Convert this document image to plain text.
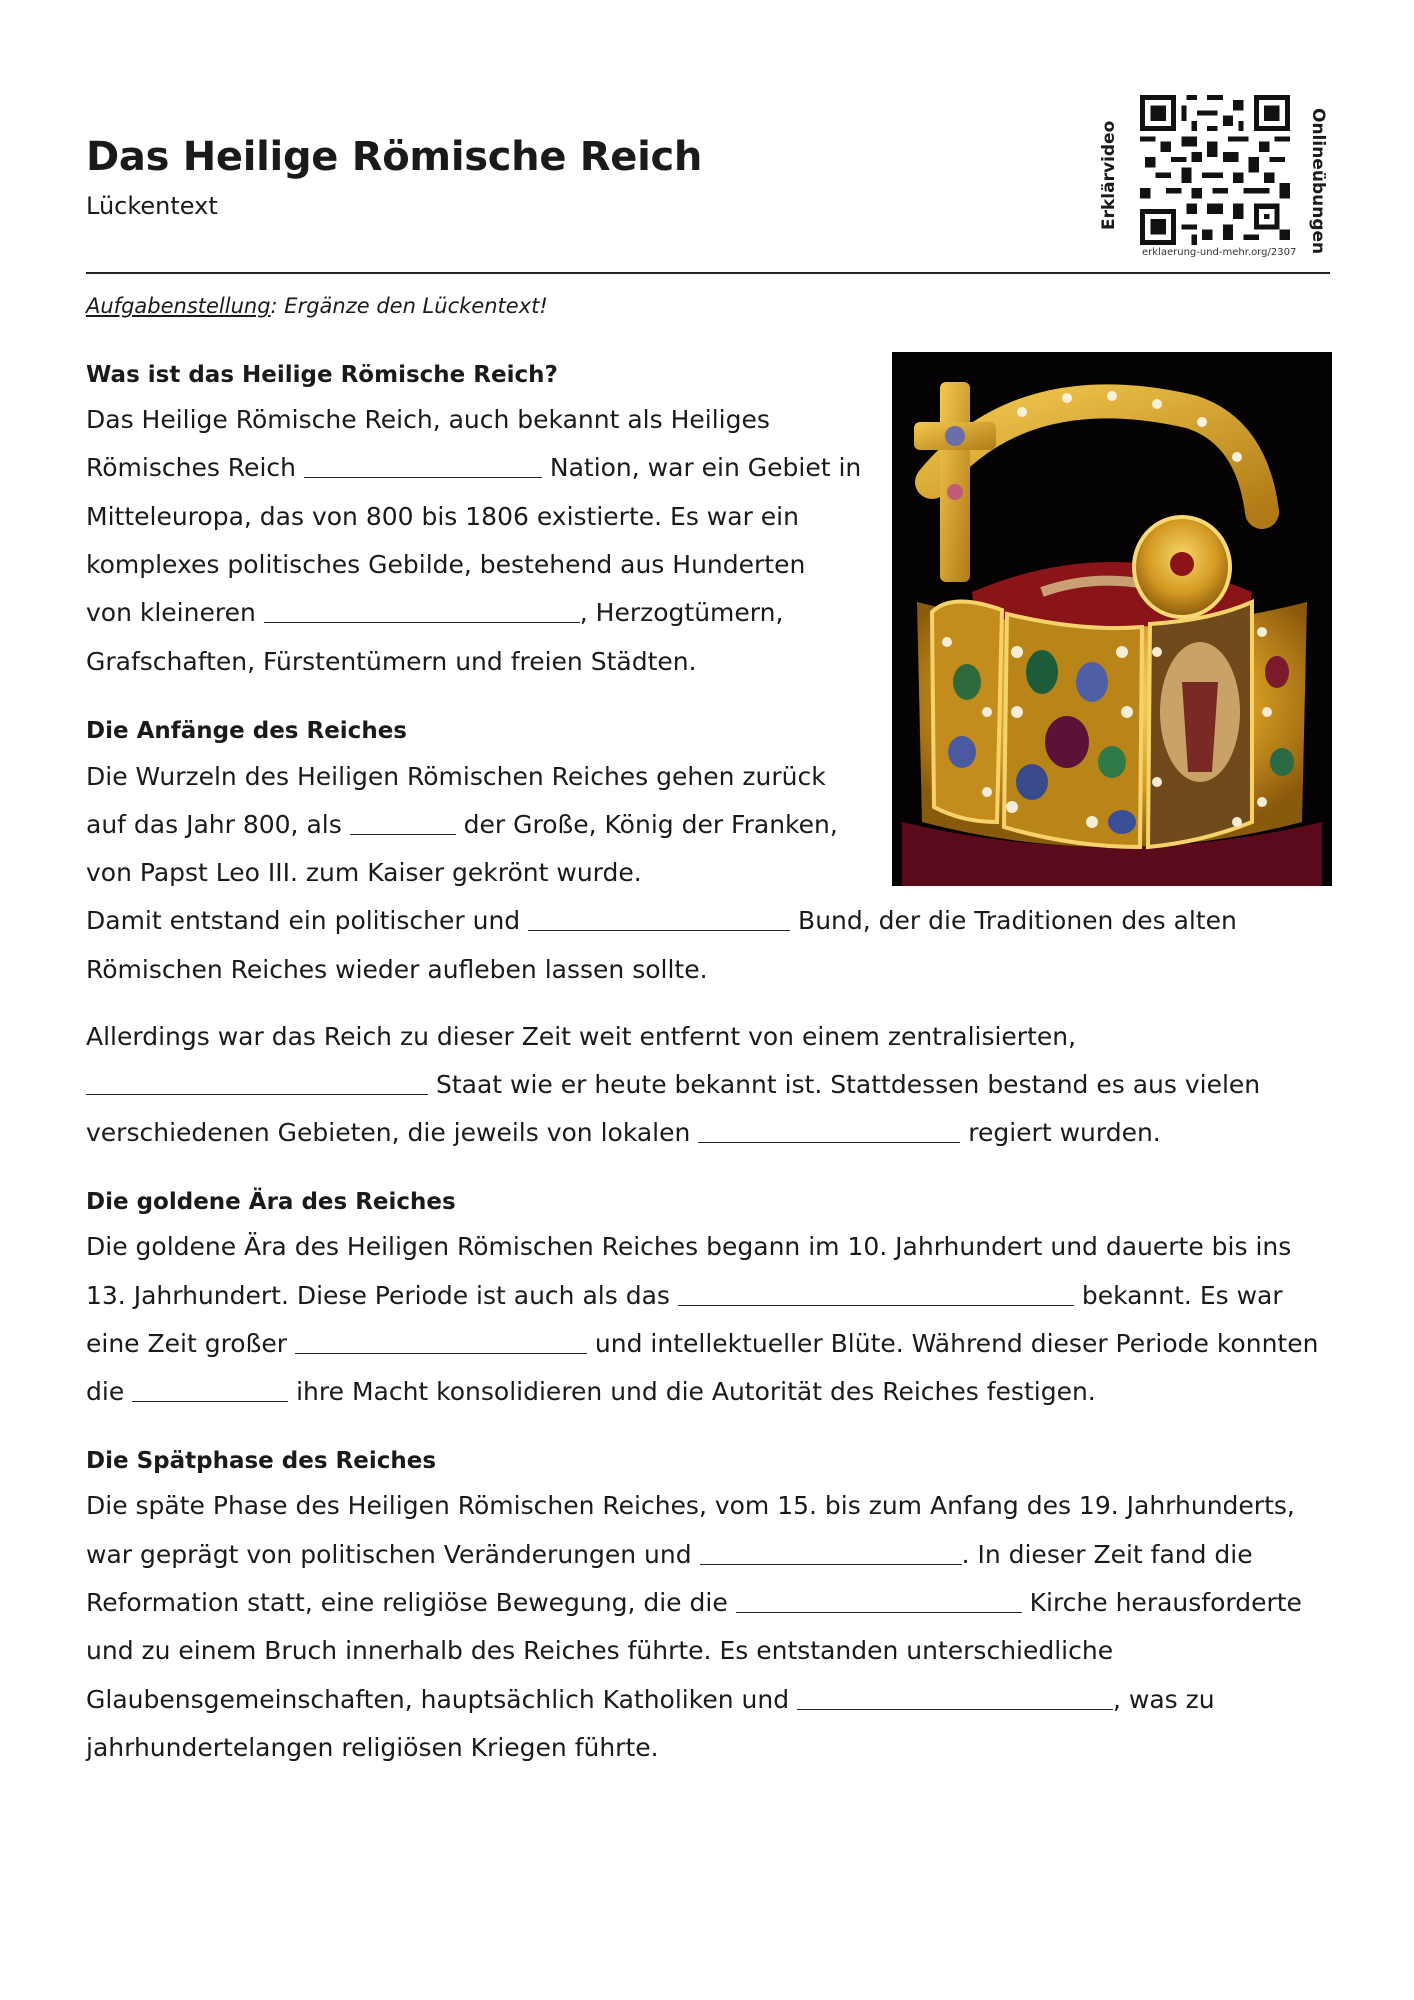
Das Heilige Römische Reich
Lückentext	Erklärvideo	Onlineübungen
erklaerung-und-mehr.org/2307
Aufgabenstellung: Ergänze den Lückentext!
Was ist das Heilige Römische Reich?
Das Heilige Römische Reich, auch bekannt als Heiliges
Römisches Reich	Nation, war ein Gebiet in
Mitteleuropa, das von 800 bis 1806 existierte. Es war ein
komplexes politisches Gebilde, bestehend aus Hunderten
von kleineren	, Herzogtümern,
Grafschaften, Fürstentümern und freien Städten.
Die Anfänge des Reiches
Die Wurzeln des Heiligen Römischen Reiches gehen zurück
auf das Jahr 800, als	der Große, König der Franken,
von Papst Leo III. zum Kaiser gekrönt wurde.
Damit entstand ein politischer und	Bund, der die Traditionen des alten
Römischen Reiches wieder aufleben lassen sollte.
Allerdings war das Reich zu dieser Zeit weit entfernt von einem zentralisierten,
Staat wie er heute bekannt ist. Stattdessen bestand es aus vielen
verschiedenen Gebieten, die jeweils von lokalen	regiert wurden.
Die goldene Ära des Reiches
Die goldene Ära des Heiligen Römischen Reiches begann im 10. Jahrhundert und dauerte bis ins
13. Jahrhundert. Diese Periode ist auch als das	bekannt. Es war
eine Zeit großer	und intellektueller Blüte. Während dieser Periode konnten
die	ihre Macht konsolidieren und die Autorität des Reiches festigen.
Die Spätphase des Reiches
Die späte Phase des Heiligen Römischen Reiches, vom 15. bis zum Anfang des 19. Jahrhunderts,
war geprägt von politischen Veränderungen und	. In dieser Zeit fand die
Reformation statt, eine religiöse Bewegung, die die	Kirche herausforderte
und zu einem Bruch innerhalb des Reiches führte. Es entstanden unterschiedliche
Glaubensgemeinschaften, hauptsächlich Katholiken und	, was zu
jahrhundertelangen religiösen Kriegen führte.
